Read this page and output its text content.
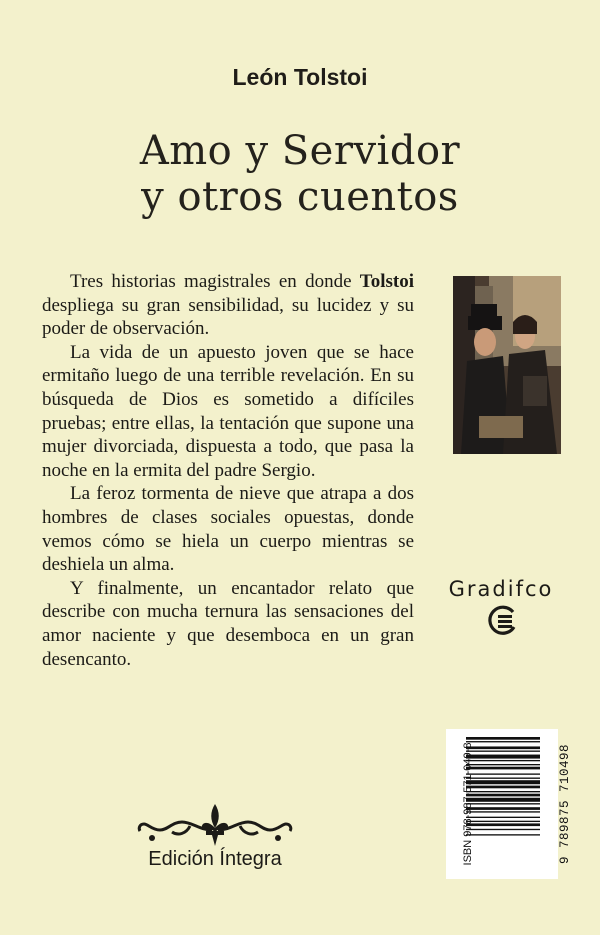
León Tolstoi
Amo y Servidor
y otros cuentos

Tres historias magistrales en donde Tolstoi despliega su gran sensibilidad, su lucidez y su poder de observación.

La vida de un apuesto joven que se hace ermitaño luego de una terrible revelación. En su búsqueda de Dios es sometido a difíciles pruebas; entre ellas, la tentación que supone una mujer divorciada, dispuesta a todo, que pasa la noche en la ermita del padre Sergio.

La feroz tormenta de nieve que atrapa a dos hombres de clases sociales opuestas, donde vemos cómo se hiela un cuerpo mientras se deshiela un alma.

Y finalmente, un encantador relato que describe con mucha ternura las sensaciones del amor naciente y que desemboca en un gran desencanto.

Gradifco
Edición Íntegra	ISBN 978-987-571-049-8	9 789875 710498
